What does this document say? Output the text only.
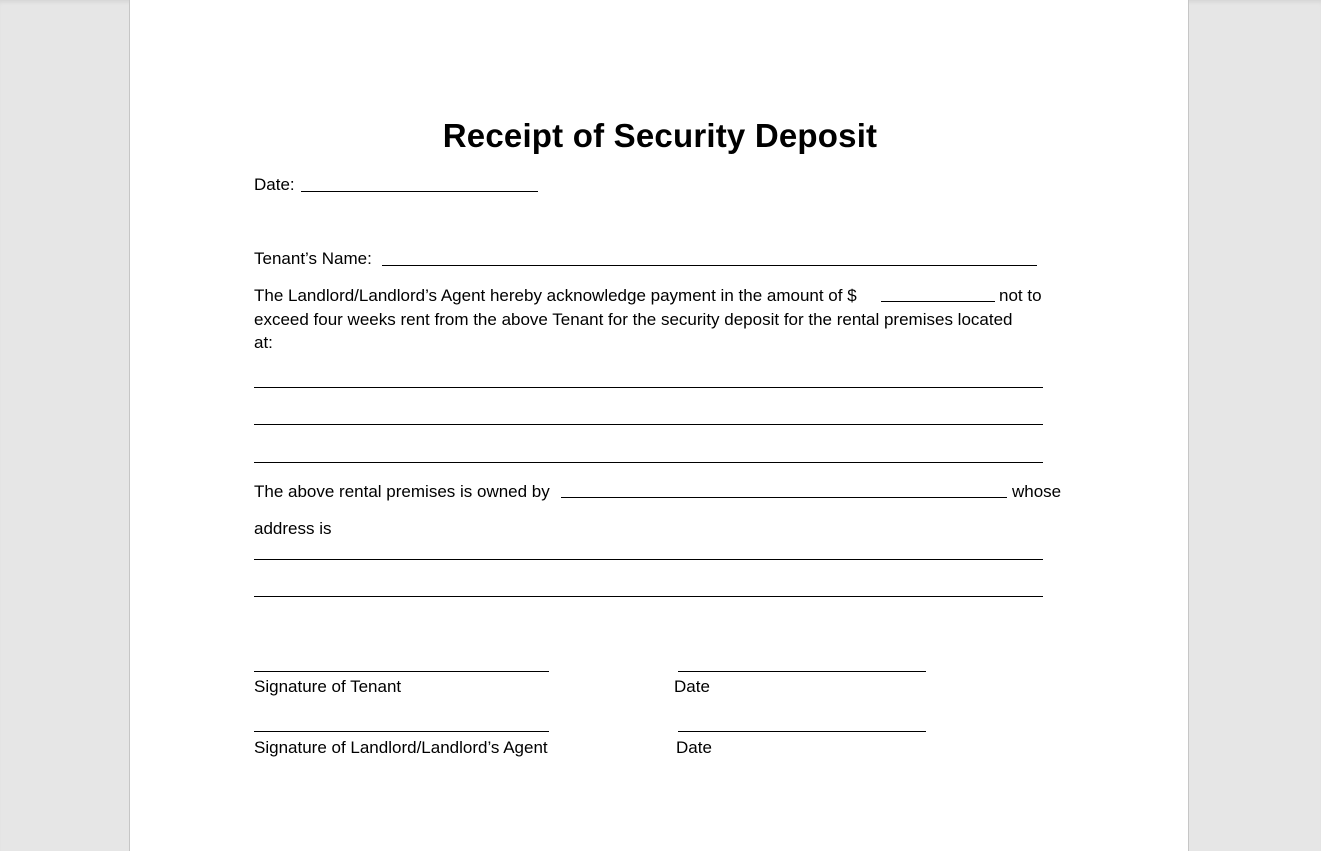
Receipt of Security Deposit
Date:
Tenant’s Name:
The Landlord/Landlord’s Agent hereby acknowledge payment in the amount of $	not to
exceed four weeks rent from the above Tenant for the security deposit for the rental premises located
at:
The above rental premises is owned by	whose
address is
Signature of Tenant	Date
Signature of Landlord/Landlord’s Agent	Date
